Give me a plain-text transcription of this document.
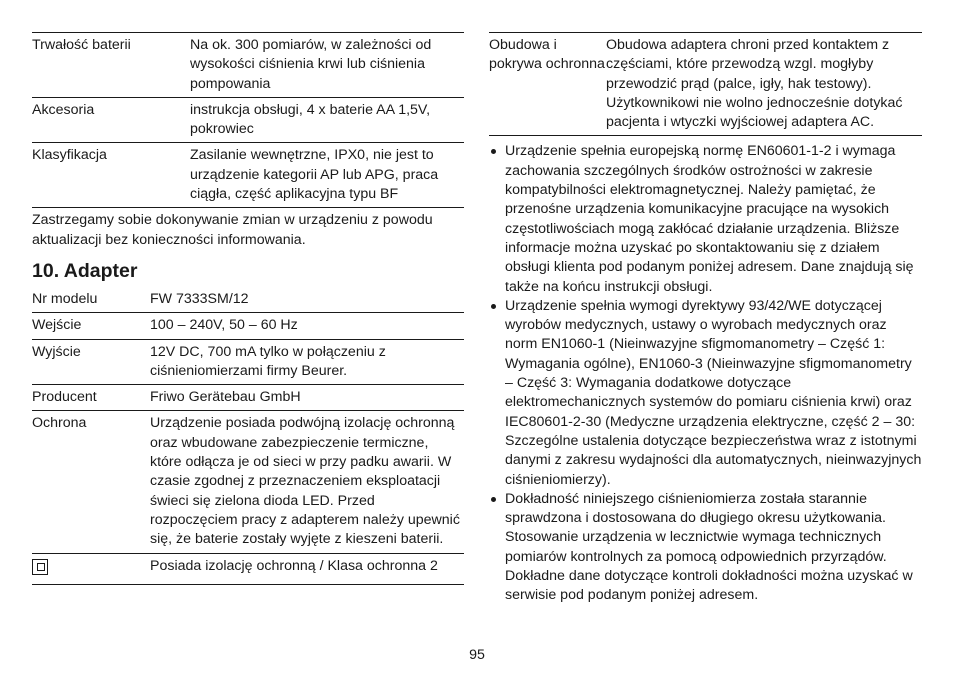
Trwałość baterii	Na ok. 300 pomiarów, w zależności od wysokości ciśnienia krwi lub ciśnienia pompowania
Akcesoria	instrukcja obsługi, 4 x baterie AA 1,5V, pokrowiec
Klasyfikacja	Zasilanie wewnętrzne, IPX0, nie jest to urządzenie kategorii AP lub APG, praca ciągła, część aplikacyjna typu BF

Zastrzegamy sobie dokonywanie zmian w urządzeniu z powodu aktualizacji bez konieczności informowania.

10. Adapter
Nr modelu	FW 7333SM/12
Wejście	100 – 240V, 50 – 60 Hz
Wyjście	12V DC, 700 mA tylko w połączeniu z ciśnieniomierzami firmy Beurer.
Producent	Friwo Gerätebau GmbH
Ochrona	Urządzenie posiada podwójną izolację ochronną oraz wbudowane zabezpieczenie termiczne, które odłącza je od sieci w przy padku awarii. W czasie zgodnej z przeznaczeniem eksploatacji świeci się zielona dioda LED. Przed rozpoczęciem pracy z adapterem należy upewnić się, że baterie zostały wyjęte z kieszeni baterii.
	Posiada izolację ochronną / Klasa ochronna 2
Obudowa i pokrywa ochronna	Obudowa adaptera chroni przed kontaktem z częściami, które przewodzą wzgl. mogłyby przewodzić prąd (palce, igły, hak testowy). Użytkownikowi nie wolno jednocześnie dotykać pacjenta i wtyczki wyjściowej adaptera AC.
Urządzenie spełnia europejską normę EN60601-1-2 i wymaga zachowania szczególnych środków ostrożności w zakresie kompatybilności elektromagnetycznej. Należy pamiętać, że przenośne urządzenia komunikacyjne pracujące na wysokich częstotliwościach mogą zakłócać działanie urządzenia. Bliższe informacje można uzyskać po skontaktowaniu się z działem obsługi klienta pod podanym poniżej adresem. Dane znajdują się także na końcu instrukcji obsługi.
Urządzenie spełnia wymogi dyrektywy 93/42/WE dotyczącej wyrobów medycznych, ustawy o wyrobach medycznych oraz norm EN1060-1 (Nieinwazyjne sfigmomanometry – Część 1: Wymagania ogólne), EN1060-3 (Nieinwazyjne sfigmomanometry – Część 3: Wymagania dodatkowe dotyczące elektromechanicznych systemów do pomiaru ciśnienia krwi) oraz IEC80601-2-30 (Medyczne urządzenia elektryczne, część 2 – 30: Szczególne ustalenia dotyczące bezpieczeństwa wraz z istotnymi danymi z zakresu wydajności dla automatycznych, nieinwazyjnych ciśnieniomierzy).
Dokładność niniejszego ciśnieniomierza została starannie sprawdzona i dostosowana do długiego okresu użytkowania. Stosowanie urządzenia w lecznictwie wymaga technicznych pomiarów kontrolnych za pomocą odpowiednich przyrządów. Dokładne dane dotyczące kontroli dokładności można uzyskać w serwisie pod podanym poniżej adresem.
95
